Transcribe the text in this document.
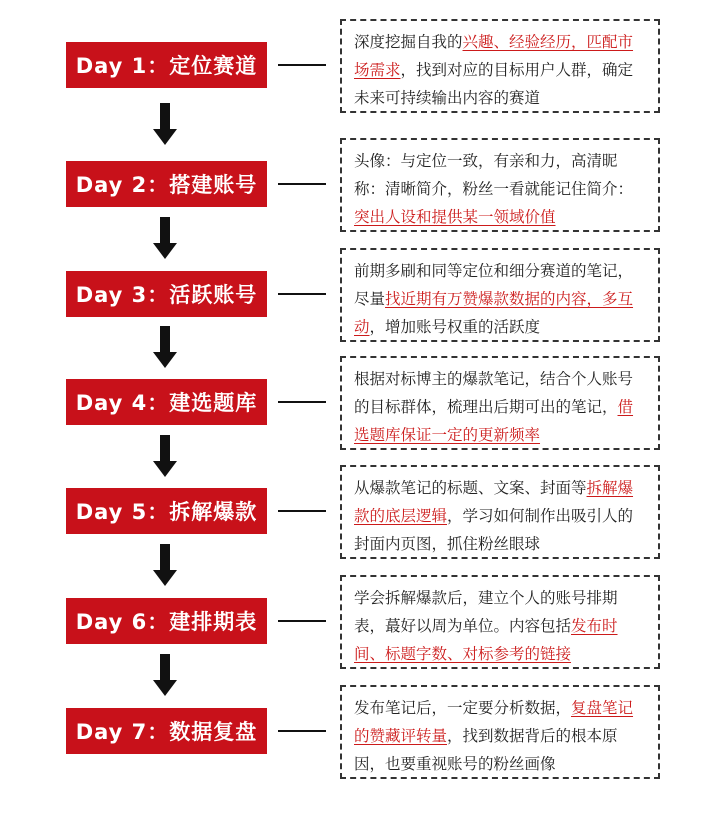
Day 1：定位赛道
深度挖掘自我的兴趣、经验经历，匹配市场需求，找到对应的目标用户人群，确定未来可持续输出内容的赛道
Day 2：搭建账号
头像：与定位一致，有亲和力，高清昵称：清晰简介，粉丝一看就能记住简介：突出人设和提供某一领域价值
Day 3：活跃账号
前期多刷和同等定位和细分赛道的笔记，尽量找近期有万赞爆款数据的内容，多互动，增加账号权重的活跃度
Day 4：建选题库
根据对标博主的爆款笔记，结合个人账号的目标群体，梳理出后期可出的笔记，借选题库保证一定的更新频率
Day 5：拆解爆款
从爆款笔记的标题、文案、封面等拆解爆款的底层逻辑，学习如何制作出吸引人的封面内页图，抓住粉丝眼球
Day 6：建排期表
学会拆解爆款后，建立个人的账号排期表，蕞好以周为单位。内容包括发布时间、标题字数、对标参考的链接
Day 7：数据复盘
发布笔记后，一定要分析数据，复盘笔记的赞藏评转量，找到数据背后的根本原因，也要重视账号的粉丝画像
